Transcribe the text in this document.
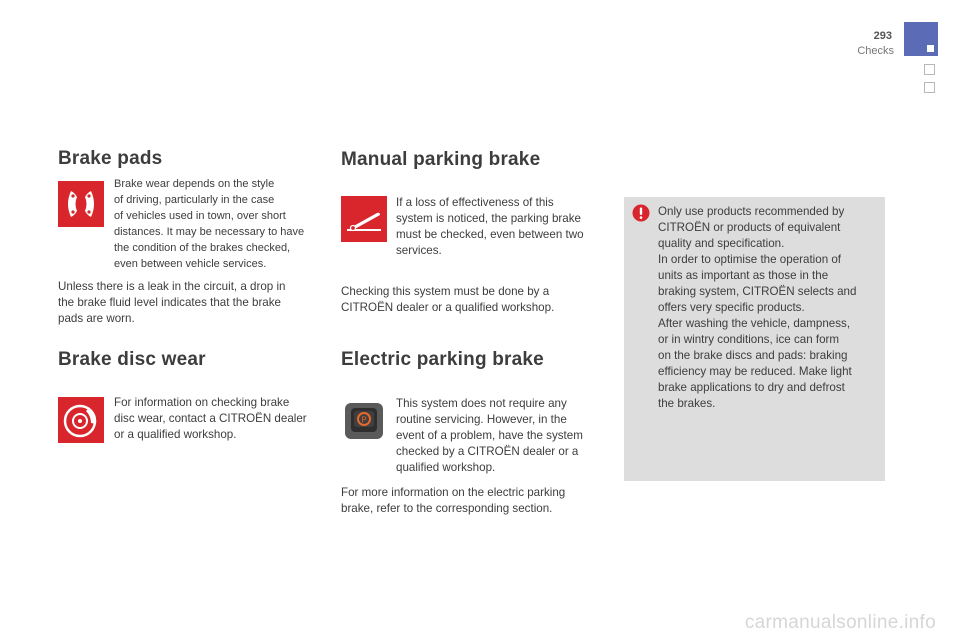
293
Checks
Brake pads
Brake wear depends on the style
of driving, particularly in the case
of vehicles used in town, over short
distances. It may be necessary to have
the condition of the brakes checked,
even between vehicle services.
Unless there is a leak in the circuit, a drop in
the brake fluid level indicates that the brake
pads are worn.
Brake disc wear
For information on checking brake
disc wear, contact a CITROËN dealer
or a qualified workshop.
Manual parking brake
If a loss of effectiveness of this
system is noticed, the parking brake
must be checked, even between two
services.
Checking this system must be done by a
CITROËN dealer or a qualified workshop.
Electric parking brake
P
This system does not require any
routine servicing. However, in the
event of a problem, have the system
checked by a CITROËN dealer or a
qualified workshop.
For more information on the electric parking
brake, refer to the corresponding section.
Only use products recommended by
CITROËN or products of equivalent
quality and specification.
In order to optimise the operation of
units as important as those in the
braking system, CITROËN selects and
offers very specific products.
After washing the vehicle, dampness,
or in wintry conditions, ice can form
on the brake discs and pads: braking
efficiency may be reduced. Make light
brake applications to dry and defrost
the brakes.
carmanualsonline.info
